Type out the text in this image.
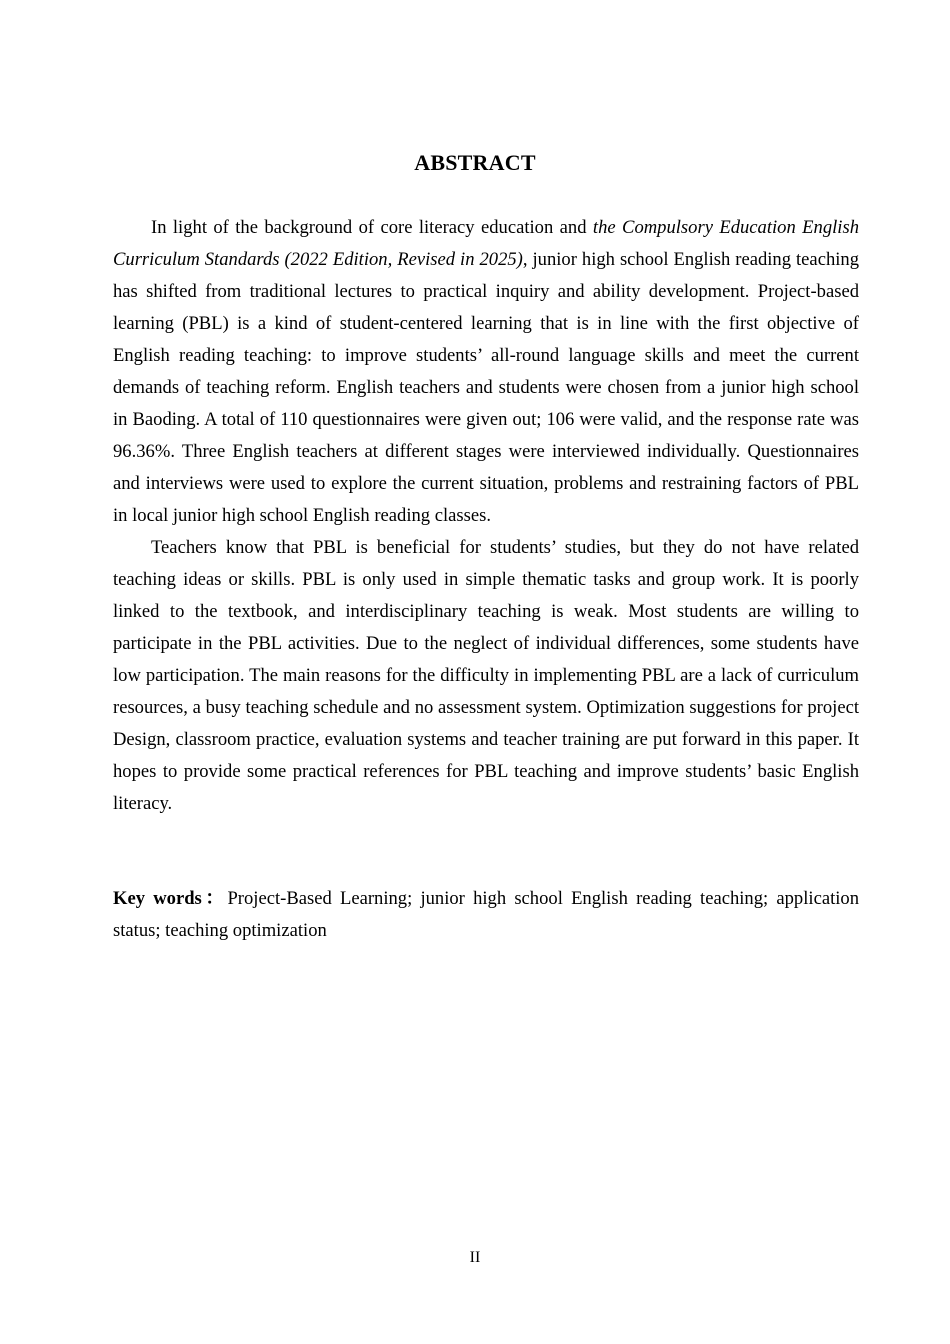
ABSTRACT

In light of the background of core literacy education and the Compulsory Education English Curriculum Standards (2022 Edition, Revised in 2025), junior high school English reading teaching has shifted from traditional lectures to practical inquiry and ability development. Project-based learning (PBL) is a kind of student-centered learning that is in line with the first objective of English reading teaching: to improve students’ all-round language skills and meet the current demands of teaching reform. English teachers and students were chosen from a junior high school in Baoding. A total of 110 questionnaires were given out; 106 were valid, and the response rate was 96.36%. Three English teachers at different stages were interviewed individually. Questionnaires and interviews were used to explore the current situation, problems and restraining factors of PBL in local junior high school English reading classes.

Teachers know that PBL is beneficial for students’ studies, but they do not have related teaching ideas or skills. PBL is only used in simple thematic tasks and group work. It is poorly linked to the textbook, and interdisciplinary teaching is weak. Most students are willing to participate in the PBL activities. Due to the neglect of individual differences, some students have low participation. The main reasons for the difficulty in implementing PBL are a lack of curriculum resources, a busy teaching schedule and no assessment system. Optimization suggestions for project Design, classroom practice, evaluation systems and teacher training are put forward in this paper. It hopes to provide some practical references for PBL teaching and improve students’ basic English literacy.

Key words：Project-Based Learning; junior high school English reading teaching; application status; teaching optimization
II
